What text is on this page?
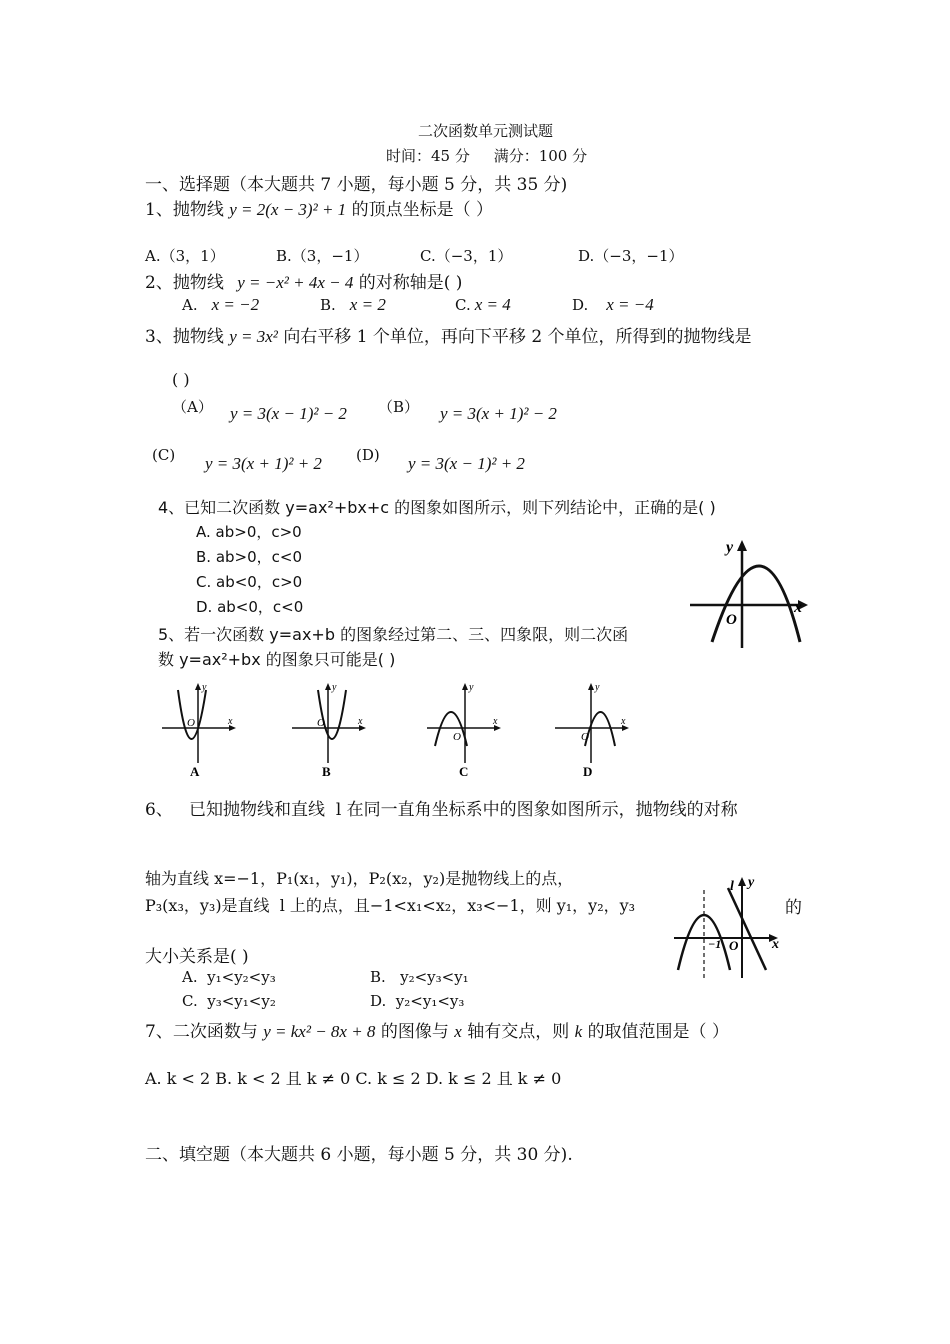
二次函数单元测试题
时间：45 分     满分：100 分
一、选择题（本大题共 7 小题，每小题 5 分，共 35 分)
1、抛物线 y = 2(x − 3)² + 1 的顶点坐标是（ ）
A.（3，1）	B.（3，−1）	C.（−3，1）	D.（−3，−1）
2、抛物线 y = −x² + 4x − 4 的对称轴是( )
A. x = −2	B. x = 2	C. x = 4	D. x = −4
3、抛物线 y = 3x² 向右平移 1 个单位，再向下平移 2 个单位，所得到的抛物线是
( )
（A） y = 3(x − 1)² − 2 （B） y = 3(x + 1)² − 2
(C) y = 3(x + 1)² + 2 (D) y = 3(x − 1)² + 2
4、已知二次函数 y=ax²+bx+c 的图象如图所示，则下列结论中，正确的是( )
A. ab>0，c>0
B. ab>0，c<0
C. ab<0，c>0
D. ab<0，c<0
y
O
x
5、若一次函数 y=ax+b 的图象经过第二、三、四象限，则二次函
数 y=ax²+bx 的图象只可能是( )
y
x
O
A
y
x
O
B
y
x
O
C
y
x
O
D
6、   已知抛物线和直线  l 在同一直角坐标系中的图象如图所示，抛物线的对称
轴为直线 x=−1，P₁(x₁，y₁)，P₂(x₂，y₂)是抛物线上的点，
P₃(x₃，y₃)是直线  l 上的点，且−1<x₁<x₂，x₃<−1，则 y₁，y₂，y₃	的
大小关系是( )
A.  y₁<y₂<y₃	B.   y₂<y₃<y₁
C.  y₃<y₁<y₂	D.  y₂<y₁<y₃
l y
−1 O x
7、二次函数与 y = kx² − 8x + 8 的图像与 x 轴有交点，则 k 的取值范围是（ ）
A. k < 2 B. k < 2 且 k ≠ 0 C. k ≤ 2 D. k ≤ 2 且 k ≠ 0
二、填空题（本大题共 6 小题，每小题 5 分，共 30 分).
